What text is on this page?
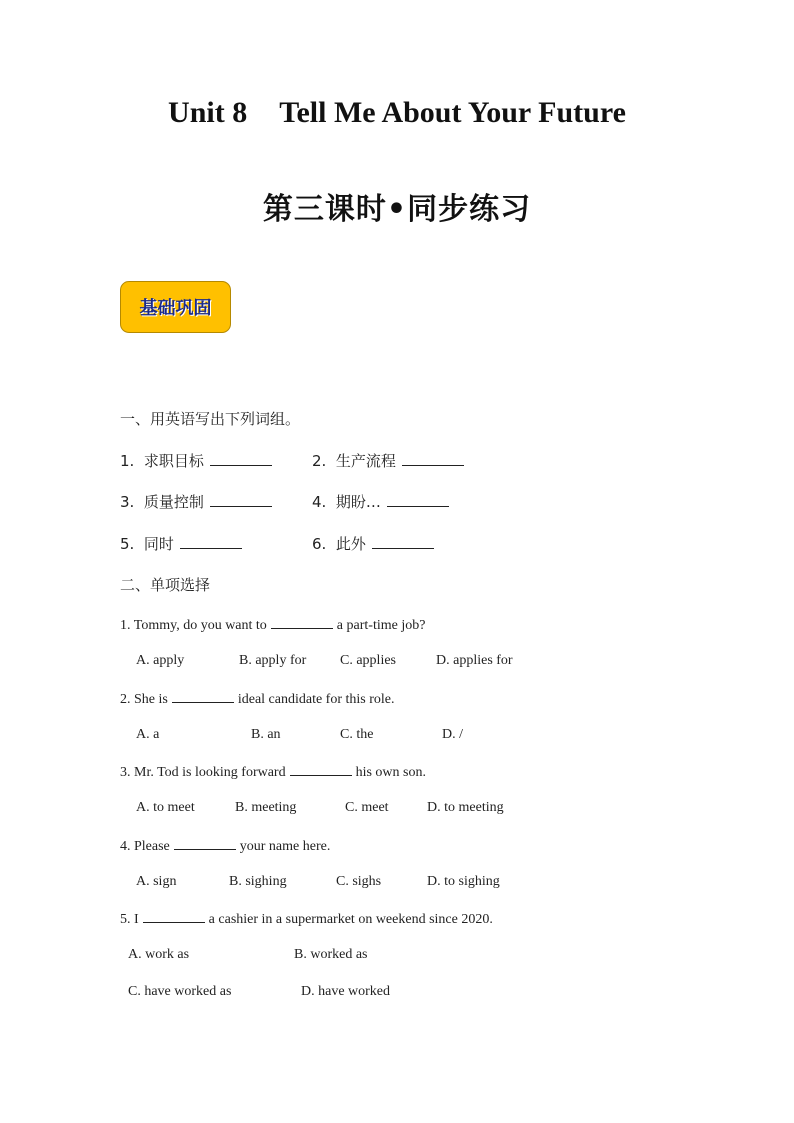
Unit 8 Tell Me About Your Future
第三课时•同步练习
基础巩固
一、用英语写出下列词组。
1. 求职目标	2. 生产流程
3. 质量控制	4. 期盼…
5. 同时	6. 此外
二、单项选择
1. Tommy, do you want to	a part-time job?
A. apply	B. apply for C. applies	D. applies for
2. She is	ideal candidate for this role.
A. a	B. an	C. the	D. /
3. Mr. Tod is looking forward	his own son.
A. to meet	B. meeting	C. meet	D. to meeting
4. Please	your name here.
A. sign	B. sighing	C. sighs	D. to sighing
5. I	a cashier in a supermarket on weekend since 2020.
A. work as	B. worked as
C. have worked as	D. have worked
